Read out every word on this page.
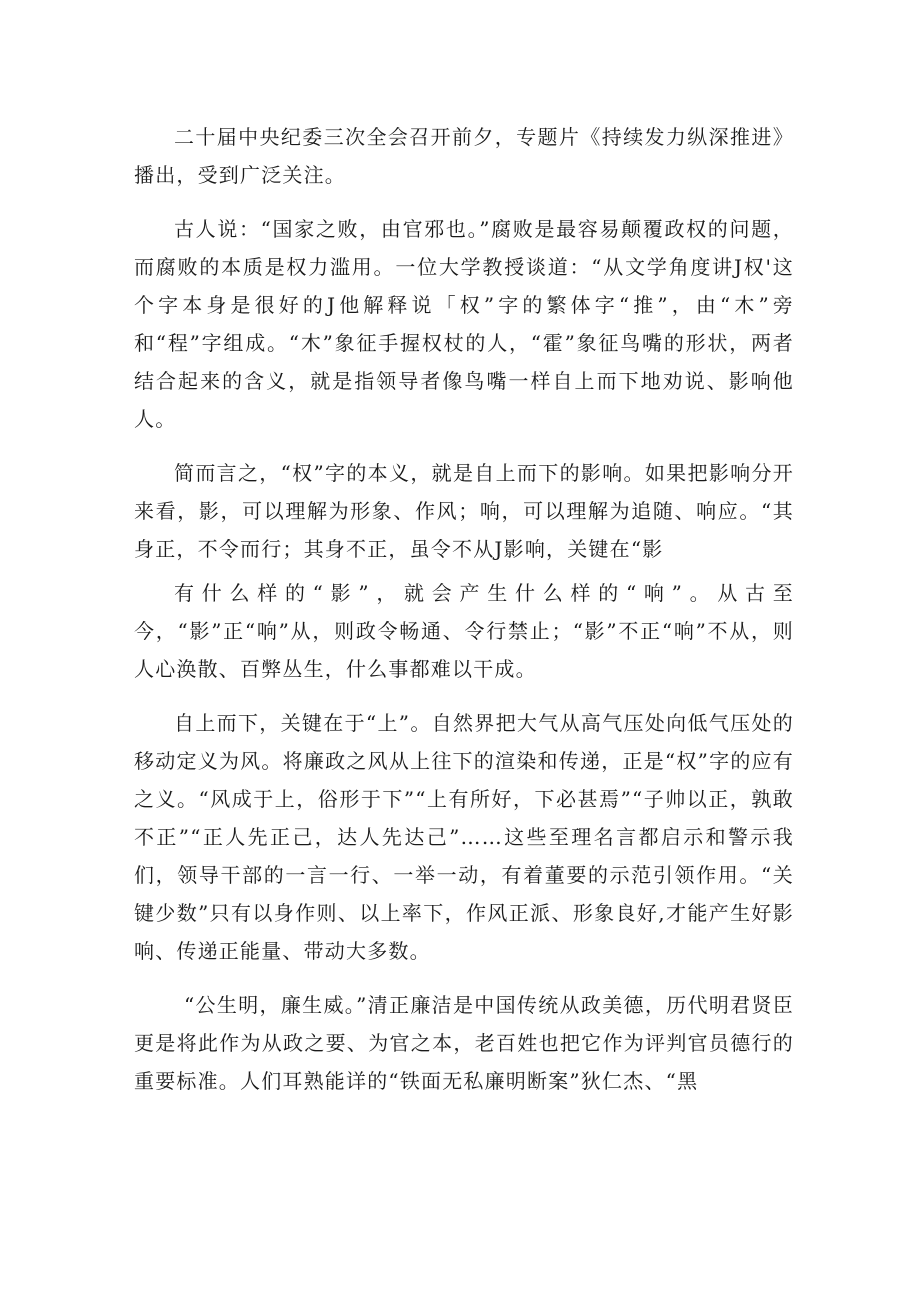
二十届中央纪委三次全会召开前夕，专题片《持续发力纵深推进》播出，受到广泛关注。

古人说：“国家之败，由官邪也。”腐败是最容易颠覆政权的问题，而腐败的本质是权力滥用。一位大学教授谈道：“从文学角度讲J权'这个字本身是很好的J他解释说「权”字的繁体字“推”，由“木”旁和“程”字组成。“木”象征手握权杖的人，“霍”象征鸟嘴的形状，两者结合起来的含义，就是指领导者像鸟嘴一样自上而下地劝说、影响他人。

简而言之，“权”字的本义，就是自上而下的影响。如果把影响分开来看，影，可以理解为形象、作风；响，可以理解为追随、响应。“其身正，不令而行；其身不正，虽令不从J影响，关键在“影

有什么样的“影”，就会产生什么样的“响”。从古至今，“影”正“响”从，则政令畅通、令行禁止；“影”不正“响”不从，则人心涣散、百弊丛生，什么事都难以干成。

自上而下，关键在于“上”。自然界把大气从高气压处向低气压处的移动定义为风。将廉政之风从上往下的渲染和传递，正是“权”字的应有之义。“风成于上，俗形于下”“上有所好，下必甚焉”“子帅以正，孰敢不正”“正人先正己，达人先达己”……这些至理名言都启示和警示我们，领导干部的一言一行、一举一动，有着董要的示范引领作用。“关键少数”只有以身作则、以上率下，作风正派、形象良好,才能产生好影响、传递正能量、带动大多数。

“公生明，廉生威。”清正廉洁是中国传统从政美德，历代明君贤臣更是将此作为从政之要、为官之本，老百姓也把它作为评判官员德行的重要标准。人们耳熟能详的“铁面无私廉明断案”狄仁杰、“黑
